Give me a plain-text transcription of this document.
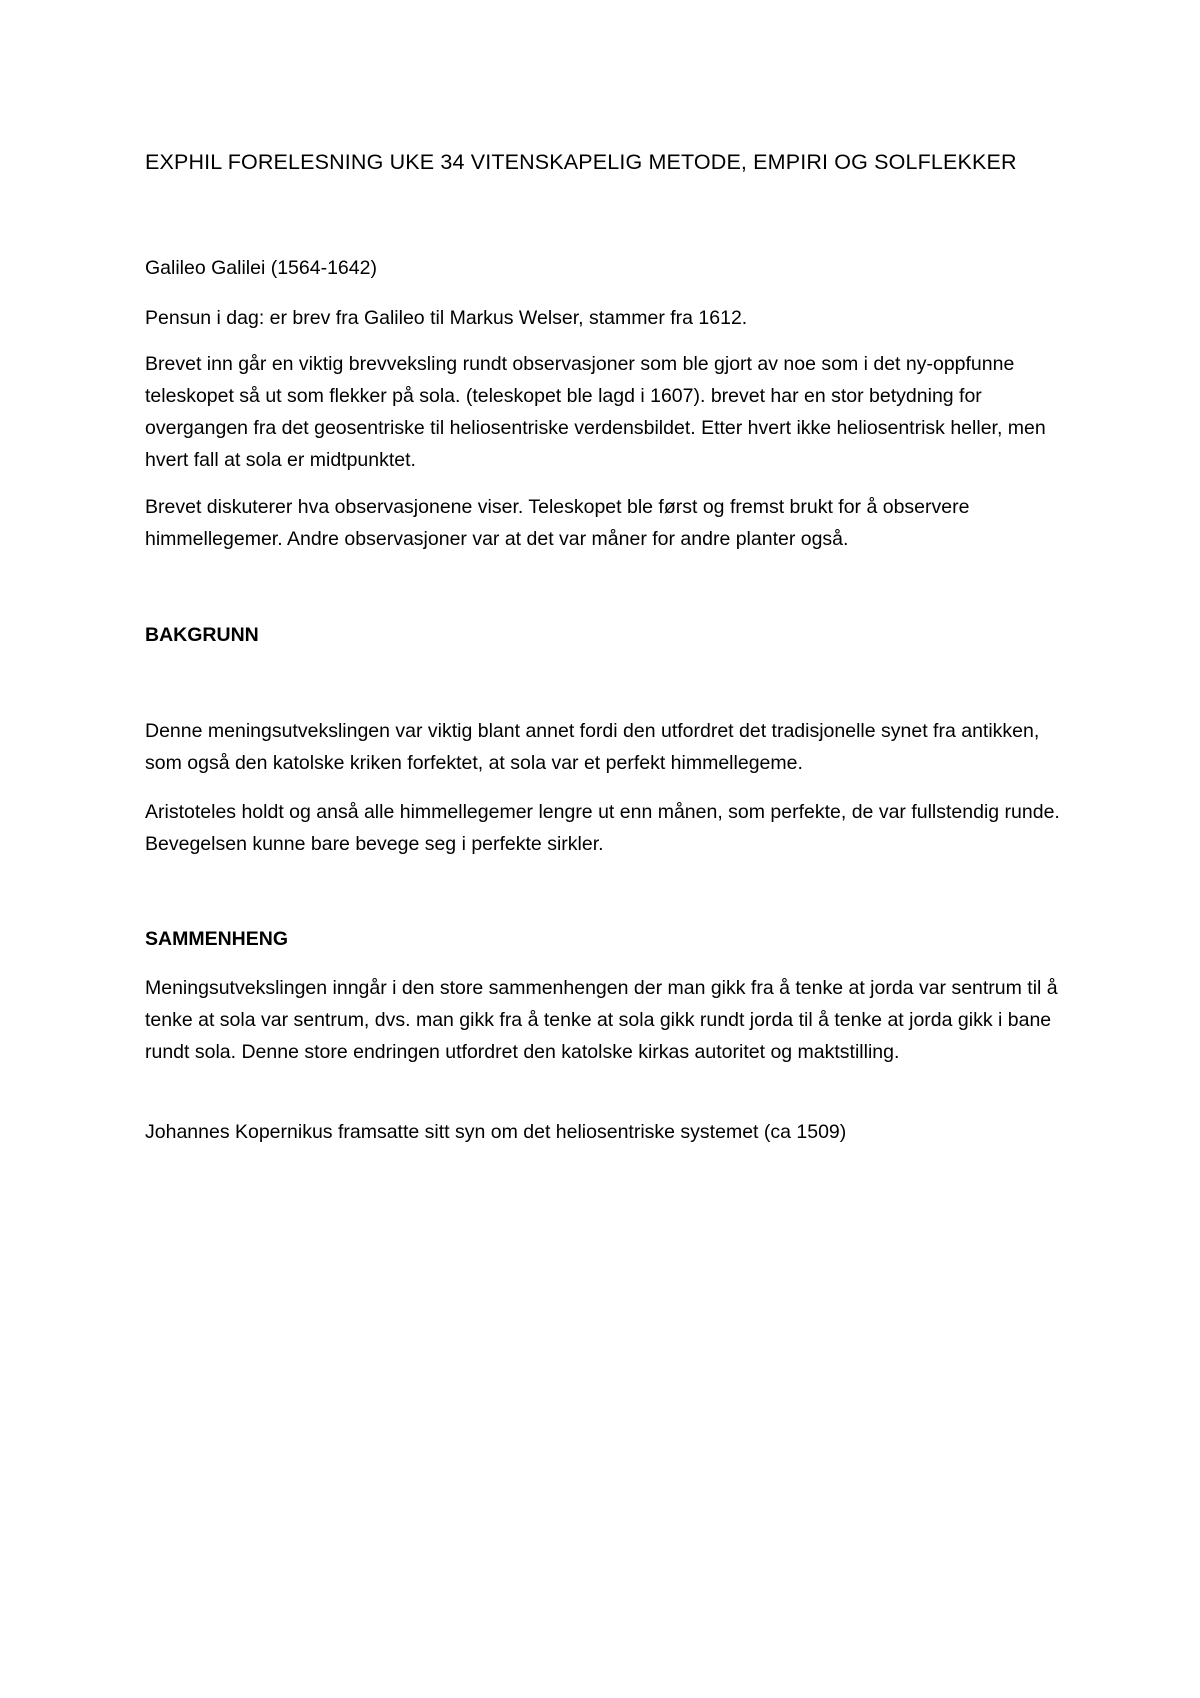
EXPHIL FORELESNING UKE 34 VITENSKAPELIG METODE, EMPIRI OG SOLFLEKKER

Galileo Galilei (1564-1642)

Pensun i dag: er brev fra Galileo til Markus Welser, stammer fra 1612.

Brevet inn går en viktig brevveksling rundt observasjoner som ble gjort av noe som i det ny-oppfunne teleskopet så ut som flekker på sola. (teleskopet ble lagd i 1607). brevet har en stor betydning for overgangen fra det geosentriske til heliosentriske verdensbildet. Etter hvert ikke heliosentrisk heller, men hvert fall at sola er midtpunktet.

Brevet diskuterer hva observasjonene viser. Teleskopet ble først og fremst brukt for å observere himmellegemer. Andre observasjoner var at det var måner for andre planter også.

BAKGRUNN

Denne meningsutvekslingen var viktig blant annet fordi den utfordret det tradisjonelle synet fra antikken, som også den katolske kriken forfektet, at sola var et perfekt himmellegeme.

Aristoteles holdt og anså alle himmellegemer lengre ut enn månen, som perfekte, de var fullstendig runde. Bevegelsen kunne bare bevege seg i perfekte sirkler.

SAMMENHENG

Meningsutvekslingen inngår i den store sammenhengen der man gikk fra å tenke at jorda var sentrum til å tenke at sola var sentrum, dvs. man gikk fra å tenke at sola gikk rundt jorda til å tenke at jorda gikk i bane rundt sola. Denne store endringen utfordret den katolske kirkas autoritet og maktstilling.

Johannes Kopernikus framsatte sitt syn om det heliosentriske systemet (ca 1509)
